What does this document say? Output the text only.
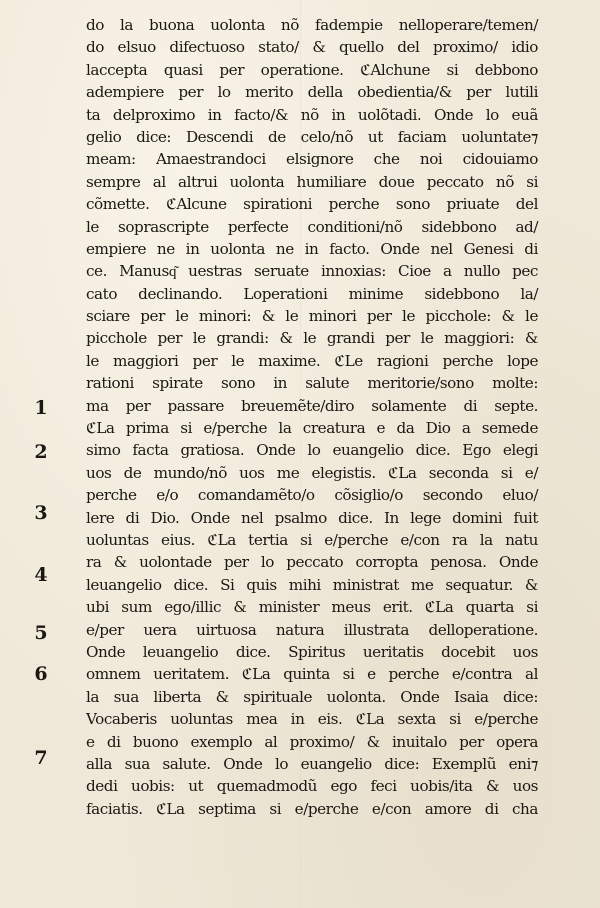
do la buona uolonta nõ fadempie nelloperare/temen/
do elsuo difectuoso stato/ & quello del proximo/ idio
laccepta quasi per operatione. ℭAlchune si debbono
adempiere per lo merito della obedientia/& per lutili
ta delproximo in facto/& nõ in uolõtadi. Onde lo euã
gelio dice: Descendi de celo/nõ ut faciam uoluntate⁊
meam: Amaestrandoci elsignore che noi cidouiamo
sempre al altrui uolonta humiliare doue peccato nõ si
cõmette. ℭAlcune spirationi perche sono priuate del
le soprascripte perfecte conditioni/nõ sidebbono ad/
empiere ne in uolonta ne in facto. Onde nel Genesi di
ce. Manusq͂ uestras seruate innoxias: Cioe a nullo pec
cato declinando. Loperationi minime sidebbono la/
sciare per le minori: & le minori per le picchole: & le
picchole per le grandi: & le grandi per le maggiori: &
le maggiori per le maxime. ℭLe ragioni perche lope
rationi spirate sono in salute meritorie/sono molte:
ma per passare breuemẽte/diro solamente di septe.
ℭLa prima si e/perche la creatura e da Dio a semede
simo facta gratiosa. Onde lo euangelio dice. Ego elegi
uos de mundo/nõ uos me elegistis. ℭLa seconda si e/
perche e/o comandamẽto/o cõsiglio/o secondo eluo/
lere di Dio. Onde nel psalmo dice. In lege domini fuit
uoluntas eius. ℭLa tertia si e/perche e/con ra la natu
ra & uolontade per lo peccato corropta penosa. Onde
leuangelio dice. Si quis mihi ministrat me sequatur. &
ubi sum ego/illic & minister meus erit. ℭLa quarta si
e/per uera uirtuosa natura illustrata delloperatione.
Onde leuangelio dice. Spiritus ueritatis docebit uos
omnem ueritatem. ℭLa quinta si e perche e/contra al
la sua liberta & spirituale uolonta. Onde Isaia dice:
Vocaberis uoluntas mea in eis. ℭLa sexta si e/perche
e di buono exemplo al proximo/ & inuitalo per opera
alla sua salute. Onde lo euangelio dice: Exemplũ eni⁊
dedi uobis: ut quemadmodũ ego feci uobis/ita & uos
faciatis. ℭLa septima si e/perche e/con amore di cha
1
2
3
4
5
6
7
